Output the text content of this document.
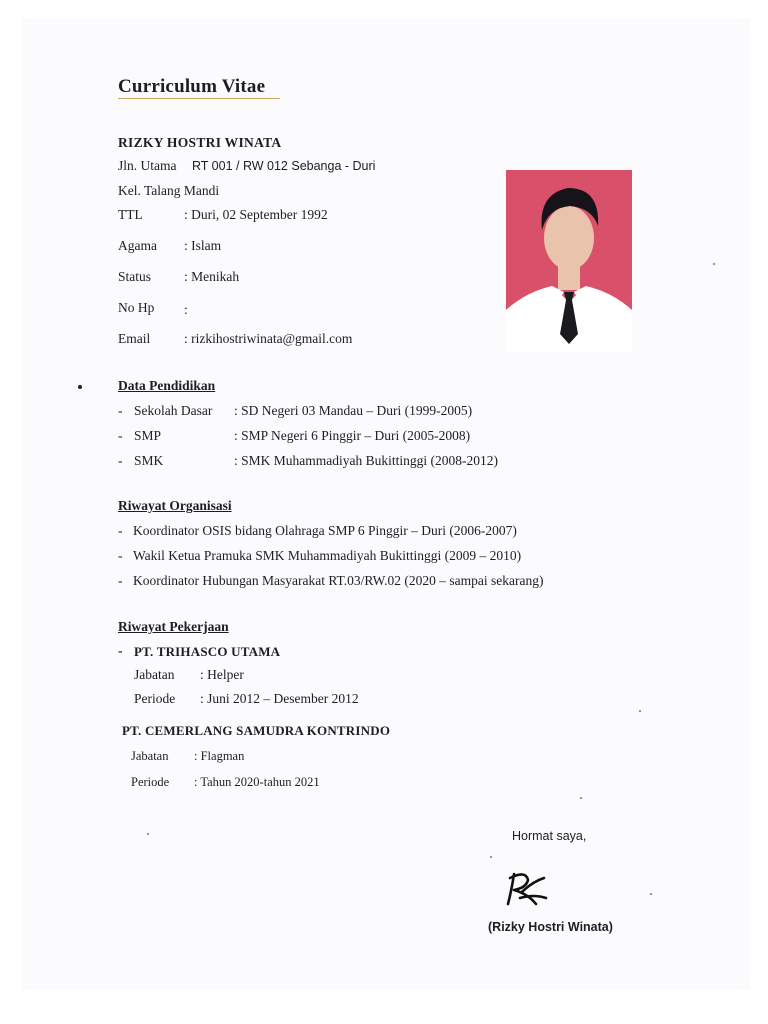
Curriculum Vitae
RIZKY HOSTRI WINATA
Jln. Utama RT 001 / RW 012 Sebanga - Duri
Kel. Talang Mandi
TTL	: Duri, 02 September 1992
Agama : Islam
Status : Menikah
No Hp :
Email	: rizkihostriwinata@gmail.com
Data Pendidikan
- Sekolah Dasar : SD Negeri 03 Mandau – Duri (1999-2005)
- SMP	: SMP Negeri 6 Pinggir – Duri (2005-2008)
- SMK	: SMK Muhammadiyah Bukittinggi (2008-2012)
Riwayat Organisasi
- Koordinator OSIS bidang Olahraga SMP 6 Pinggir – Duri (2006-2007)
- Wakil Ketua Pramuka SMK Muhammadiyah Bukittinggi (2009 – 2010)
- Koordinator Hubungan Masyarakat RT.03/RW.02 (2020 – sampai sekarang)
Riwayat Pekerjaan
- PT. TRIHASCO UTAMA
Jabatan : Helper
Periode : Juni 2012 – Desember 2012
PT. CEMERLANG SAMUDRA KONTRINDO
Jabatan : Flagman
Periode : Tahun 2020-tahun 2021
Hormat saya,
(Rizky Hostri Winata)
